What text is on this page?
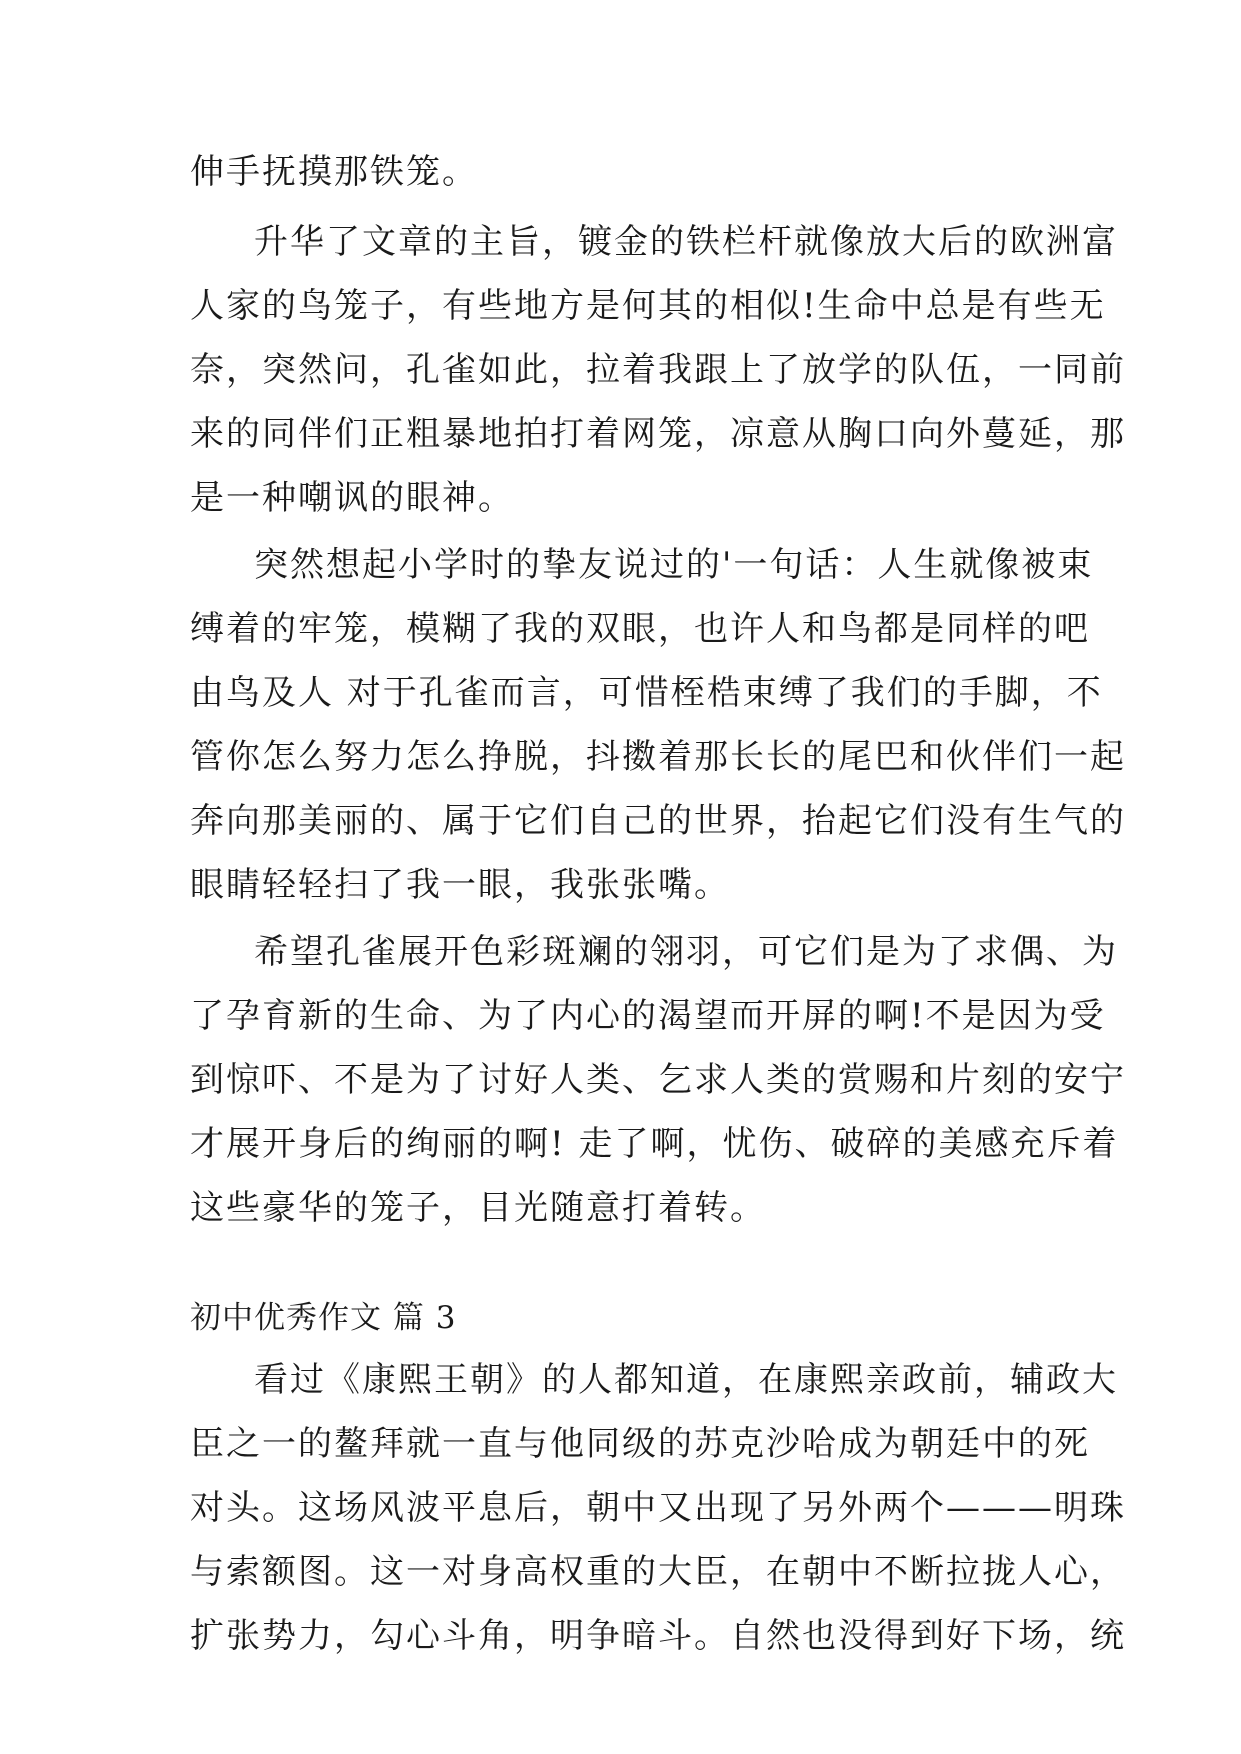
伸手抚摸那铁笼。
升华了文章的主旨，镀金的铁栏杆就像放大后的欧洲富
人家的鸟笼子，有些地方是何其的相似!生命中总是有些无
奈，突然问，孔雀如此，拉着我跟上了放学的队伍，一同前
来的同伴们正粗暴地拍打着网笼，凉意从胸口向外蔓延，那
是一种嘲讽的眼神。
突然想起小学时的挚友说过的'一句话：人生就像被束
缚着的牢笼，模糊了我的双眼，也许人和鸟都是同样的吧
由鸟及人 对于孔雀而言，可惜桎梏束缚了我们的手脚，不
管你怎么努力怎么挣脱，抖擞着那长长的尾巴和伙伴们一起
奔向那美丽的、属于它们自己的世界，抬起它们没有生气的
眼睛轻轻扫了我一眼，我张张嘴。
希望孔雀展开色彩斑斓的翎羽，可它们是为了求偶、为
了孕育新的生命、为了内心的渴望而开屏的啊!不是因为受
到惊吓、不是为了讨好人类、乞求人类的赏赐和片刻的安宁
才展开身后的绚丽的啊! 走了啊，忧伤、破碎的美感充斥着
这些豪华的笼子，目光随意打着转。
初中优秀作文 篇 3
看过《康熙王朝》的人都知道，在康熙亲政前，辅政大
臣之一的鳌拜就一直与他同级的苏克沙哈成为朝廷中的死
对头。这场风波平息后，朝中又出现了另外两个———明珠
与索额图。这一对身高权重的大臣，在朝中不断拉拢人心，
扩张势力，勾心斗角，明争暗斗。自然也没得到好下场，统
